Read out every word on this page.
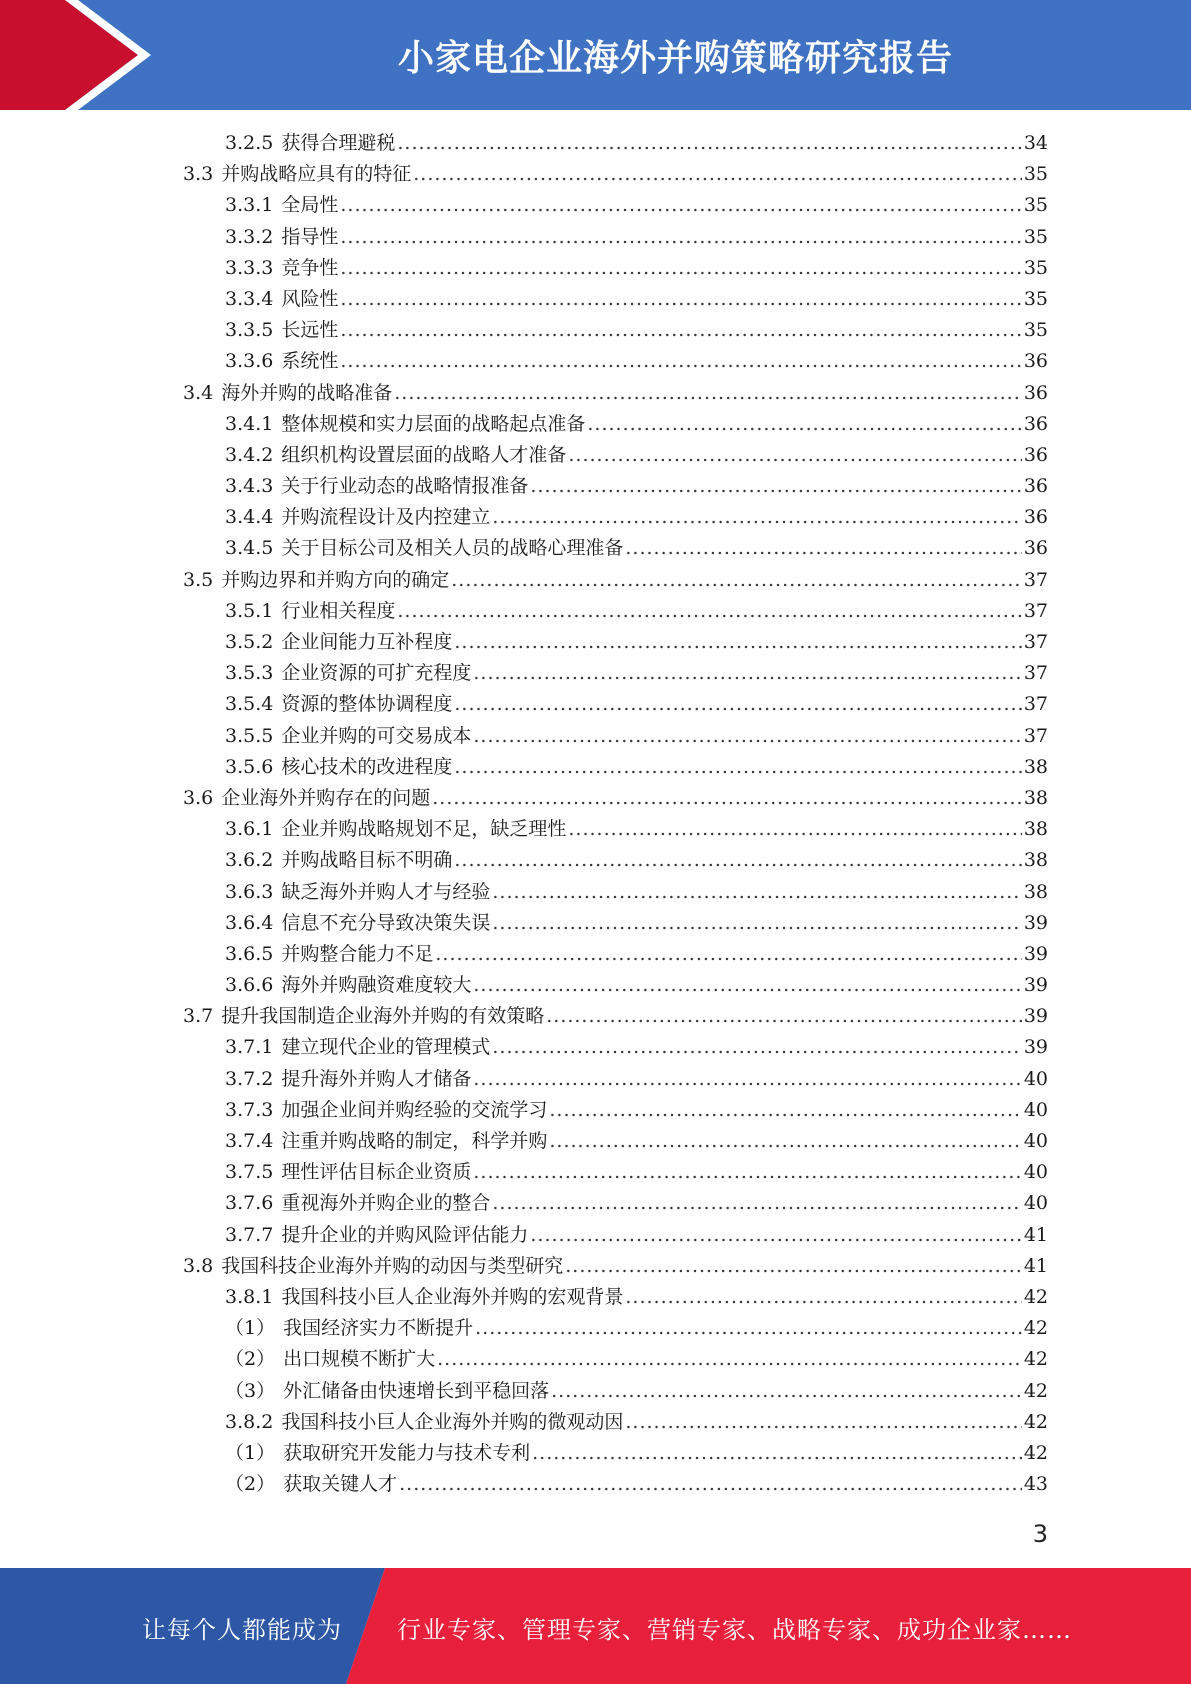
小家电企业海外并购策略研究报告
3.2.5 获得合理避税 .....	34
3.3 并购战略应具有的特征 .....	35
3.3.1 全局性 .....	35
3.3.2 指导性 .....	35
3.3.3 竞争性 .....	35
3.3.4 风险性 .....	35
3.3.5 长远性 .....	35
3.3.6 系统性 .....	36
3.4 海外并购的战略准备 .....	36
3.4.1 整体规模和实力层面的战略起点准备 .....	36
3.4.2 组织机构设置层面的战略人才准备 .....	36
3.4.3 关于行业动态的战略情报准备 .....	36
3.4.4 并购流程设计及内控建立 .....	36
3.4.5 关于目标公司及相关人员的战略心理准备 .....	36
3.5 并购边界和并购方向的确定 .....	37
3.5.1 行业相关程度 .....	37
3.5.2 企业间能力互补程度 .....	37
3.5.3 企业资源的可扩充程度 .....	37
3.5.4 资源的整体协调程度 .....	37
3.5.5 企业并购的可交易成本 .....	37
3.5.6 核心技术的改进程度 .....	38
3.6 企业海外并购存在的问题 .....	38
3.6.1 企业并购战略规划不足，缺乏理性 .....	38
3.6.2 并购战略目标不明确 .....	38
3.6.3 缺乏海外并购人才与经验 .....	38
3.6.4 信息不充分导致决策失误 .....	39
3.6.5 并购整合能力不足 .....	39
3.6.6 海外并购融资难度较大 .....	39
3.7 提升我国制造企业海外并购的有效策略 .....	39
3.7.1 建立现代企业的管理模式 .....	39
3.7.2 提升海外并购人才储备 .....	40
3.7.3 加强企业间并购经验的交流学习 .....	40
3.7.4 注重并购战略的制定，科学并购 .....	40
3.7.5 理性评估目标企业资质 .....	40
3.7.6 重视海外并购企业的整合 .....	40
3.7.7 提升企业的并购风险评估能力 .....	41
3.8 我国科技企业海外并购的动因与类型研究 .....	41
3.8.1 我国科技小巨人企业海外并购的宏观背景 .....	42
（1） 我国经济实力不断提升 .....	42
（2） 出口规模不断扩大 .....	42
（3） 外汇储备由快速增长到平稳回落 .....	42
3.8.2 我国科技小巨人企业海外并购的微观动因 .....	42
（1） 获取研究开发能力与技术专利 .....	42
（2） 获取关键人才 .....	43
3
让每个人都能成为 行业专家、管理专家、营销专家、战略专家、成功企业家……
